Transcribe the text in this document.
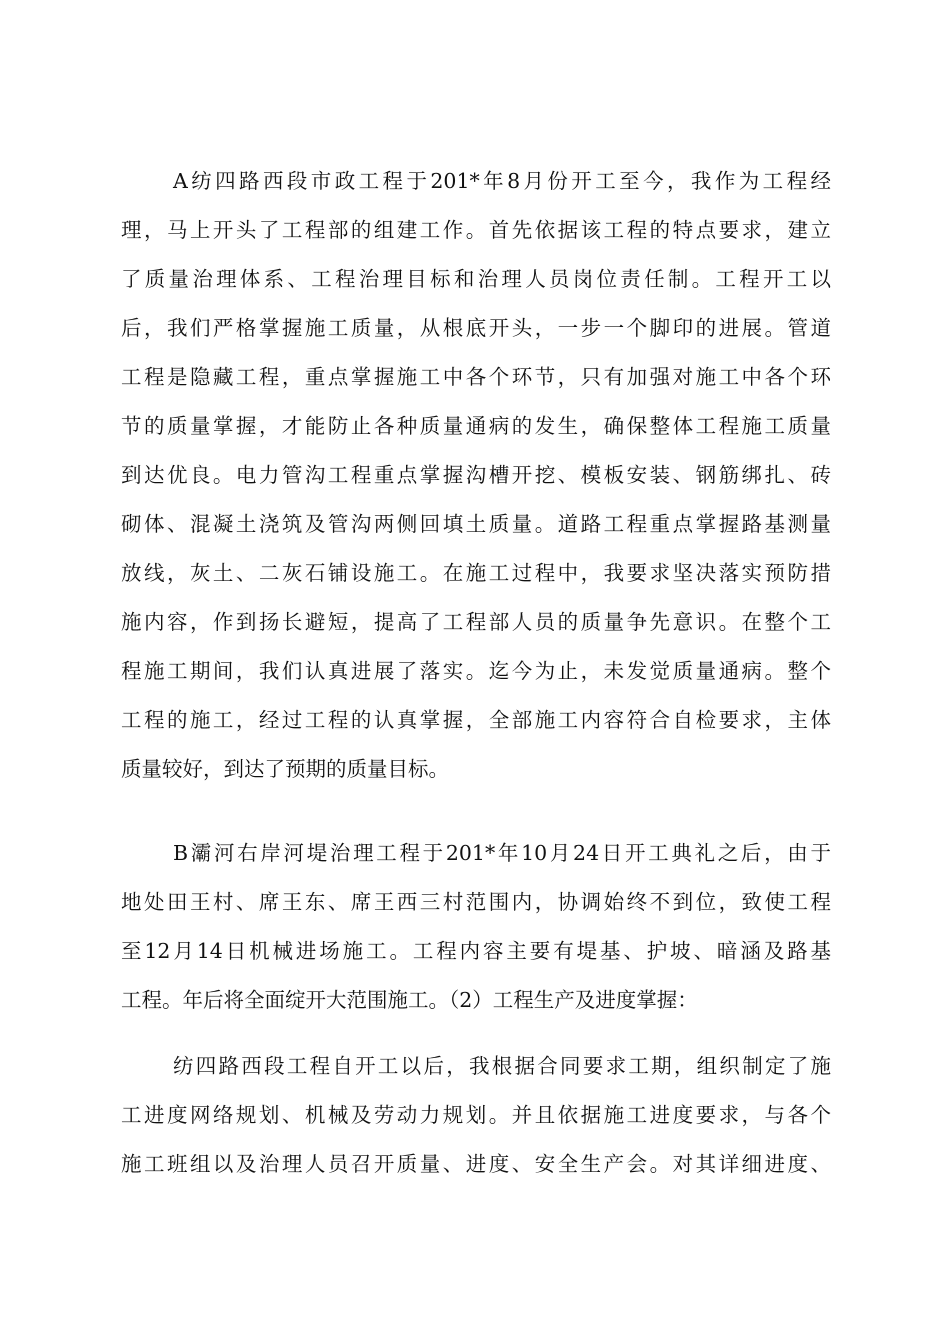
A纺四路西段市政工程于201*年8月份开工至今，我作为工程经
理，马上开头了工程部的组建工作。首先依据该工程的特点要求，建立
了质量治理体系、工程治理目标和治理人员岗位责任制。工程开工以
后，我们严格掌握施工质量，从根底开头，一步一个脚印的进展。管道
工程是隐藏工程，重点掌握施工中各个环节，只有加强对施工中各个环
节的质量掌握，才能防止各种质量通病的发生，确保整体工程施工质量
到达优良。电力管沟工程重点掌握沟槽开挖、模板安装、钢筋绑扎、砖
砌体、混凝土浇筑及管沟两侧回填土质量。道路工程重点掌握路基测量
放线，灰土、二灰石铺设施工。在施工过程中，我要求坚决落实预防措
施内容，作到扬长避短，提高了工程部人员的质量争先意识。在整个工
程施工期间，我们认真进展了落实。迄今为止，未发觉质量通病。整个
工程的施工，经过工程的认真掌握，全部施工内容符合自检要求，主体
质量较好，到达了预期的质量目标。
B灞河右岸河堤治理工程于201*年10月24日开工典礼之后，由于
地处田王村、席王东、席王西三村范围内，协调始终不到位，致使工程
至12月14日机械进场施工。工程内容主要有堤基、护坡、暗涵及路基
工程。年后将全面绽开大范围施工。（2）工程生产及进度掌握：
纺四路西段工程自开工以后，我根据合同要求工期，组织制定了施
工进度网络规划、机械及劳动力规划。并且依据施工进度要求，与各个
施工班组以及治理人员召开质量、进度、安全生产会。对其详细进度、
